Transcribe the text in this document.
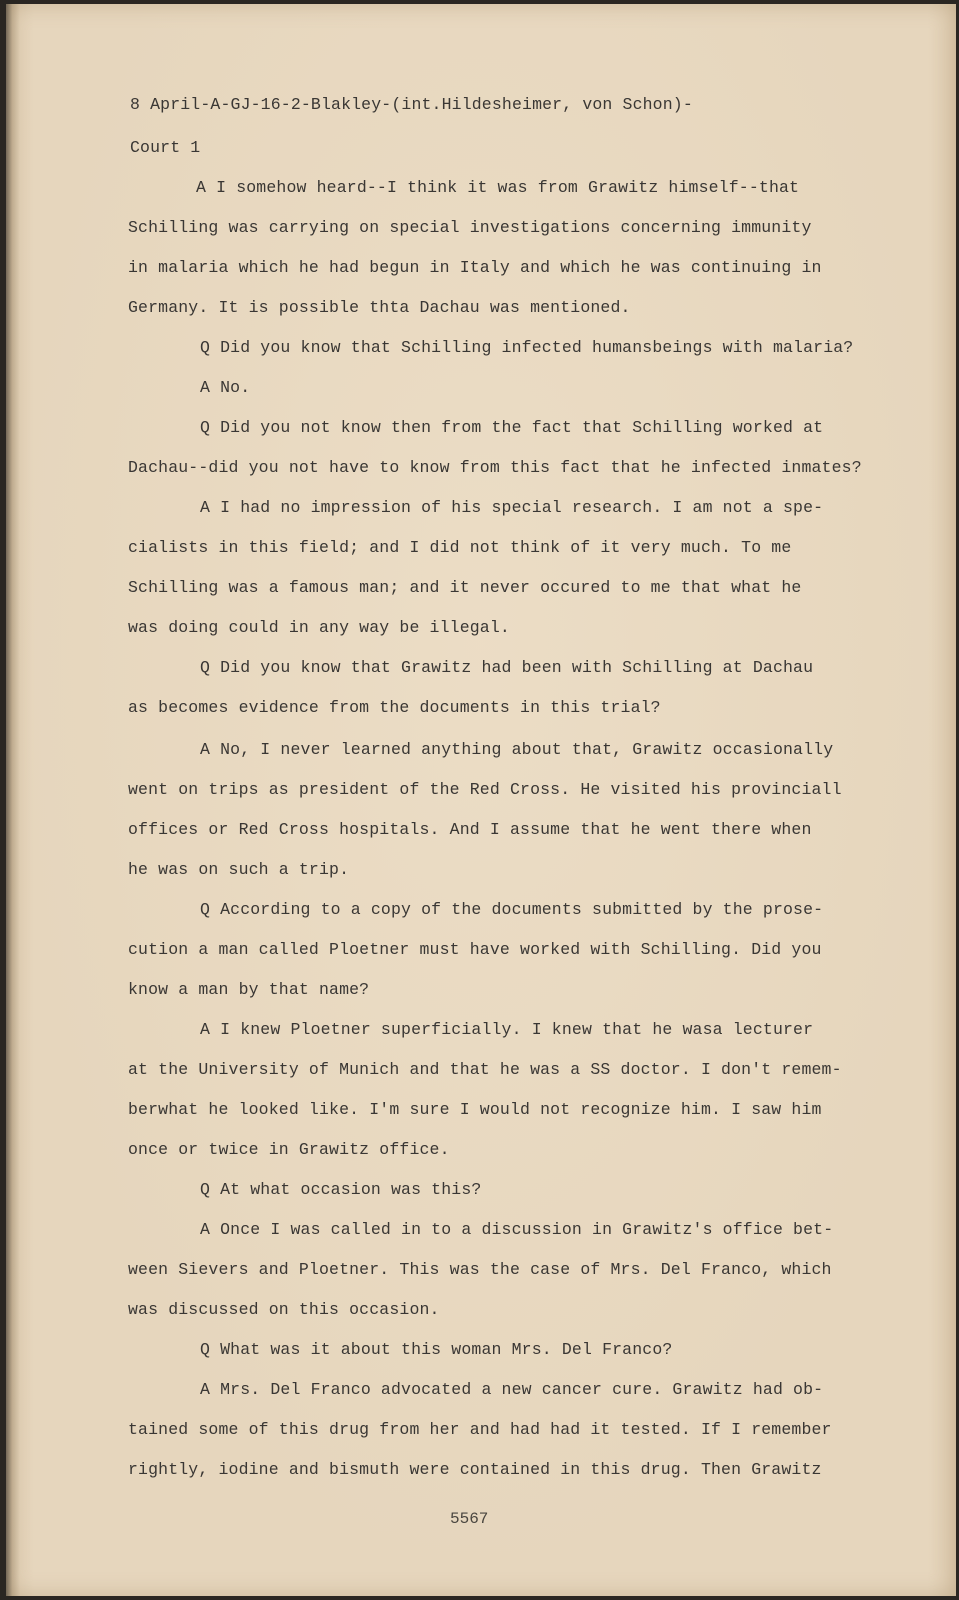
8 April-A-GJ-16-2-Blakley-(int.Hildesheimer, von Schon)-

Court 1

A I somehow heard--I think it was from Grawitz himself--that

Schilling was carrying on special investigations concerning immunity

in malaria which he had begun in Italy and which he was continuing in

Germany. It is possible thta Dachau was mentioned.

Q Did you know that Schilling infected humansbeings with malaria?

A No.

Q Did you not know then from the fact that Schilling worked at

Dachau--did you not have to know from this fact that he infected inmates?

A I had no impression of his special research. I am not a spe-

cialists in this field; and I did not think of it very much. To me

Schilling was a famous man; and it never occured to me that what he

was doing could in any way be illegal.

Q Did you know that Grawitz had been with Schilling at Dachau

as becomes evidence from the documents in this trial?

A No, I never learned anything about that, Grawitz occasionally

went on trips as president of the Red Cross. He visited his provinciall

offices or Red Cross hospitals. And I assume that he went there when

he was on such a trip.

Q According to a copy of the documents submitted by the prose-

cution a man called Ploetner must have worked with Schilling. Did you

know a man by that name?

A I knew Ploetner superficially. I knew that he wasa lecturer

at the University of Munich and that he was a SS doctor. I don't remem-

berwhat he looked like. I'm sure I would not recognize him. I saw him

once or twice in Grawitz office.

Q At what occasion was this?

A Once I was called in to a discussion in Grawitz's office bet-

ween Sievers and Ploetner. This was the case of Mrs. Del Franco, which

was discussed on this occasion.

Q What was it about this woman Mrs. Del Franco?

A Mrs. Del Franco advocated a new cancer cure. Grawitz had ob-

tained some of this drug from her and had had it tested. If I remember

rightly, iodine and bismuth were contained in this drug. Then Grawitz

5567
